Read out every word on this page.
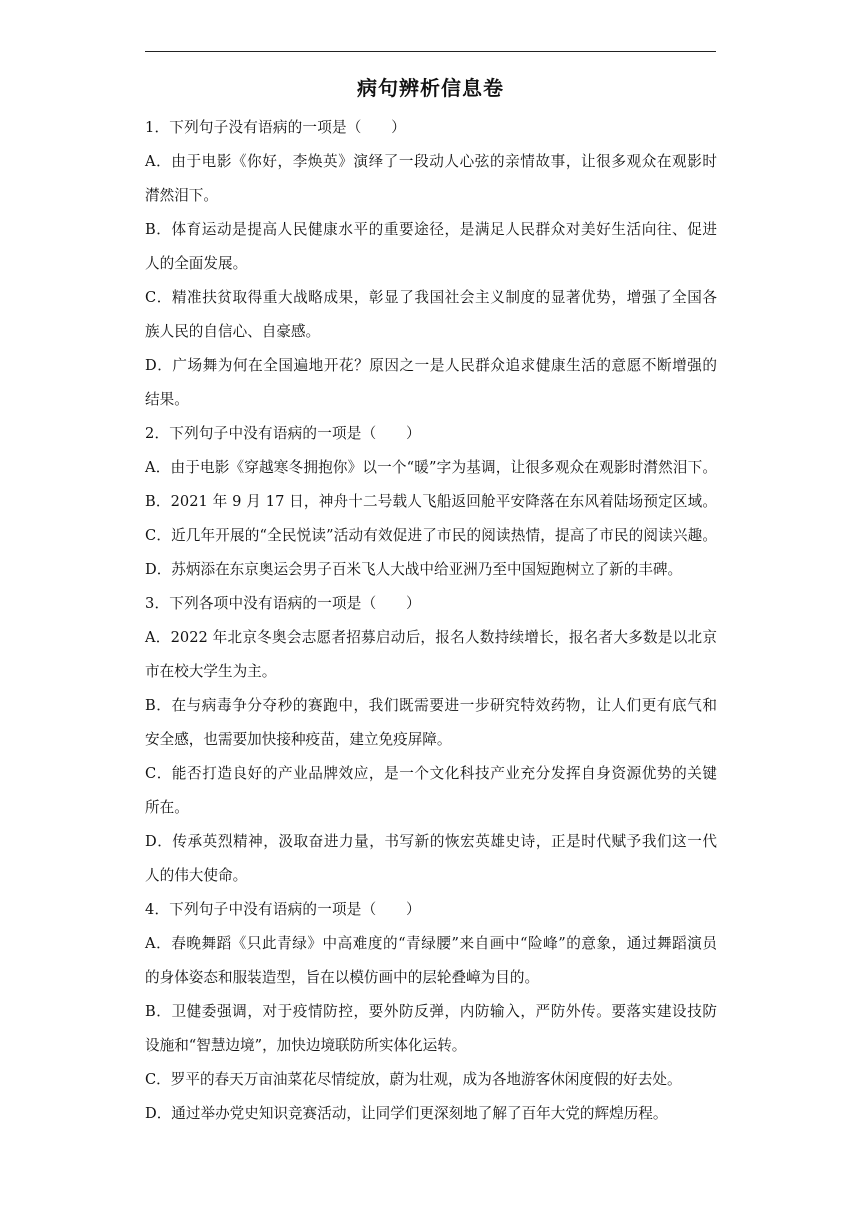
病句辨析信息卷
1．下列句子没有语病的一项是（　　）
A．由于电影《你好，李焕英》演绎了一段动人心弦的亲情故事，让很多观众在观影时
潸然泪下。
B．体育运动是提高人民健康水平的重要途径，是满足人民群众对美好生活向往、促进
人的全面发展。
C．精准扶贫取得重大战略成果，彰显了我国社会主义制度的显著优势，增强了全国各
族人民的自信心、自豪感。
D．广场舞为何在全国遍地开花？原因之一是人民群众追求健康生活的意愿不断增强的
结果。
2．下列句子中没有语病的一项是（　　）
A．由于电影《穿越寒冬拥抱你》以一个“暖”字为基调，让很多观众在观影时潸然泪下。
B．2021 年 9 月 17 日，神舟十二号载人飞船返回舱平安降落在东风着陆场预定区域。
C．近几年开展的“全民悦读”活动有效促进了市民的阅读热情，提高了市民的阅读兴趣。
D．苏炳添在东京奥运会男子百米飞人大战中给亚洲乃至中国短跑树立了新的丰碑。
3．下列各项中没有语病的一项是（　　）
A．2022 年北京冬奥会志愿者招募启动后，报名人数持续增长，报名者大多数是以北京
市在校大学生为主。
B．在与病毒争分夺秒的赛跑中，我们既需要进一步研究特效药物，让人们更有底气和
安全感，也需要加快接种疫苗，建立免疫屏障。
C．能否打造良好的产业品牌效应，是一个文化科技产业充分发挥自身资源优势的关键
所在。
D．传承英烈精神，汲取奋进力量，书写新的恢宏英雄史诗，正是时代赋予我们这一代
人的伟大使命。
4．下列句子中没有语病的一项是（　　）
A．春晚舞蹈《只此青绿》中高难度的“青绿腰”来自画中“险峰”的意象，通过舞蹈演员
的身体姿态和服装造型，旨在以模仿画中的层轮叠嶂为目的。
B．卫健委强调，对于疫情防控，要外防反弹，内防输入，严防外传。要落实建设技防
设施和“智慧边境”，加快边境联防所实体化运转。
C．罗平的春天万亩油菜花尽情绽放，蔚为壮观，成为各地游客休闲度假的好去处。
D．通过举办党史知识竞赛活动，让同学们更深刻地了解了百年大党的辉煌历程。
